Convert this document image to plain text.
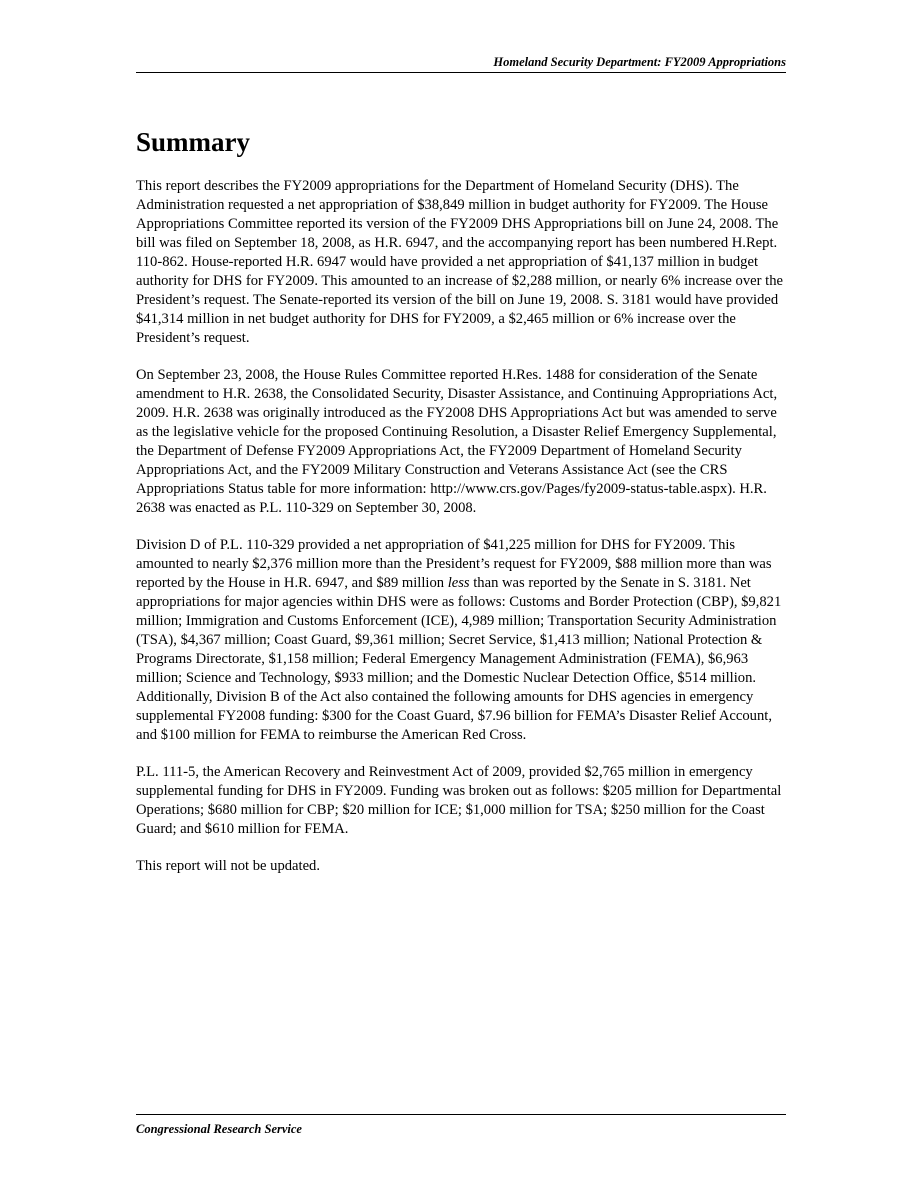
Homeland Security Department: FY2009 Appropriations
Summary

This report describes the FY2009 appropriations for the Department of Homeland Security (DHS). The Administration requested a net appropriation of $38,849 million in budget authority for FY2009. The House Appropriations Committee reported its version of the FY2009 DHS Appropriations bill on June 24, 2008. The bill was filed on September 18, 2008, as H.R. 6947, and the accompanying report has been numbered H.Rept. 110-862. House-reported H.R. 6947 would have provided a net appropriation of $41,137 million in budget authority for DHS for FY2009. This amounted to an increase of $2,288 million, or nearly 6% increase over the President’s request. The Senate-reported its version of the bill on June 19, 2008. S. 3181 would have provided $41,314 million in net budget authority for DHS for FY2009, a $2,465 million or 6% increase over the President’s request.

On September 23, 2008, the House Rules Committee reported H.Res. 1488 for consideration of the Senate amendment to H.R. 2638, the Consolidated Security, Disaster Assistance, and Continuing Appropriations Act, 2009. H.R. 2638 was originally introduced as the FY2008 DHS Appropriations Act but was amended to serve as the legislative vehicle for the proposed Continuing Resolution, a Disaster Relief Emergency Supplemental, the Department of Defense FY2009 Appropriations Act, the FY2009 Department of Homeland Security Appropriations Act, and the FY2009 Military Construction and Veterans Assistance Act (see the CRS Appropriations Status table for more information: http://www.crs.gov/Pages/fy2009-status-table.aspx). H.R. 2638 was enacted as P.L. 110-329 on September 30, 2008.

Division D of P.L. 110-329 provided a net appropriation of $41,225 million for DHS for FY2009. This amounted to nearly $2,376 million more than the President’s request for FY2009, $88 million more than was reported by the House in H.R. 6947, and $89 million less than was reported by the Senate in S. 3181. Net appropriations for major agencies within DHS were as follows: Customs and Border Protection (CBP), $9,821 million; Immigration and Customs Enforcement (ICE), 4,989 million; Transportation Security Administration (TSA), $4,367 million; Coast Guard, $9,361 million; Secret Service, $1,413 million; National Protection & Programs Directorate, $1,158 million; Federal Emergency Management Administration (FEMA), $6,963 million; Science and Technology, $933 million; and the Domestic Nuclear Detection Office, $514 million. Additionally, Division B of the Act also contained the following amounts for DHS agencies in emergency supplemental FY2008 funding: $300 for the Coast Guard, $7.96 billion for FEMA’s Disaster Relief Account, and $100 million for FEMA to reimburse the American Red Cross.

P.L. 111-5, the American Recovery and Reinvestment Act of 2009, provided $2,765 million in emergency supplemental funding for DHS in FY2009. Funding was broken out as follows: $205 million for Departmental Operations; $680 million for CBP; $20 million for ICE; $1,000 million for TSA; $250 million for the Coast Guard; and $610 million for FEMA.

This report will not be updated.

Congressional Research Service
